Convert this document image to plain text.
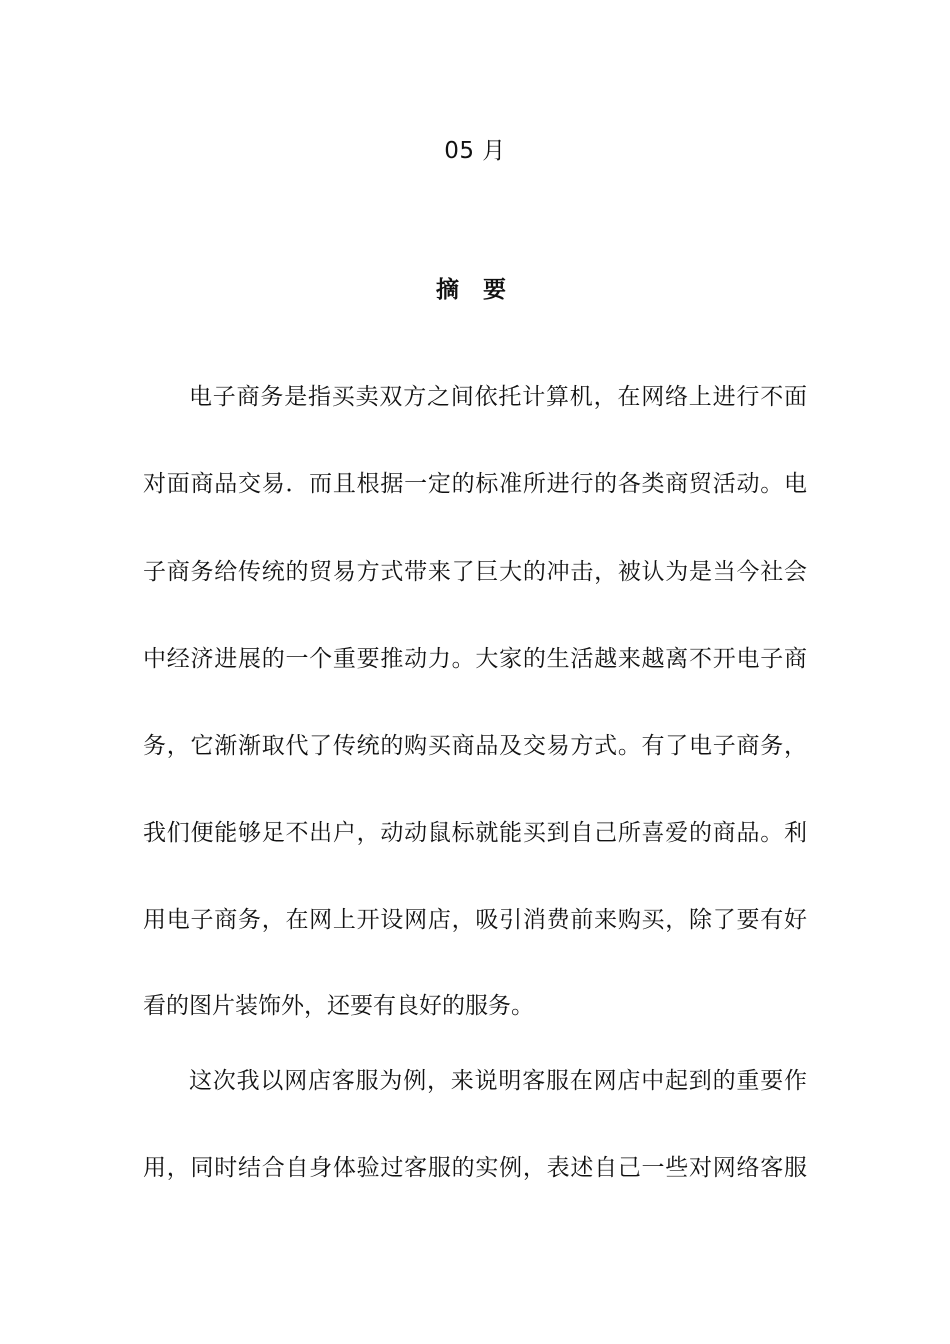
05 月
摘 要
电子商务是指买卖双方之间依托计算机，在网络上进行不面
对面商品交易．而且根据一定的标准所进行的各类商贸活动。电
子商务给传统的贸易方式带来了巨大的冲击，被认为是当今社会
中经济进展的一个重要推动力。大家的生活越来越离不开电子商
务，它渐渐取代了传统的购买商品及交易方式。有了电子商务，
我们便能够足不出户，动动鼠标就能买到自己所喜爱的商品。利
用电子商务，在网上开设网店，吸引消费前来购买，除了要有好
看的图片装饰外，还要有良好的服务。
这次我以网店客服为例，来说明客服在网店中起到的重要作
用，同时结合自身体验过客服的实例，表述自己一些对网络客服
